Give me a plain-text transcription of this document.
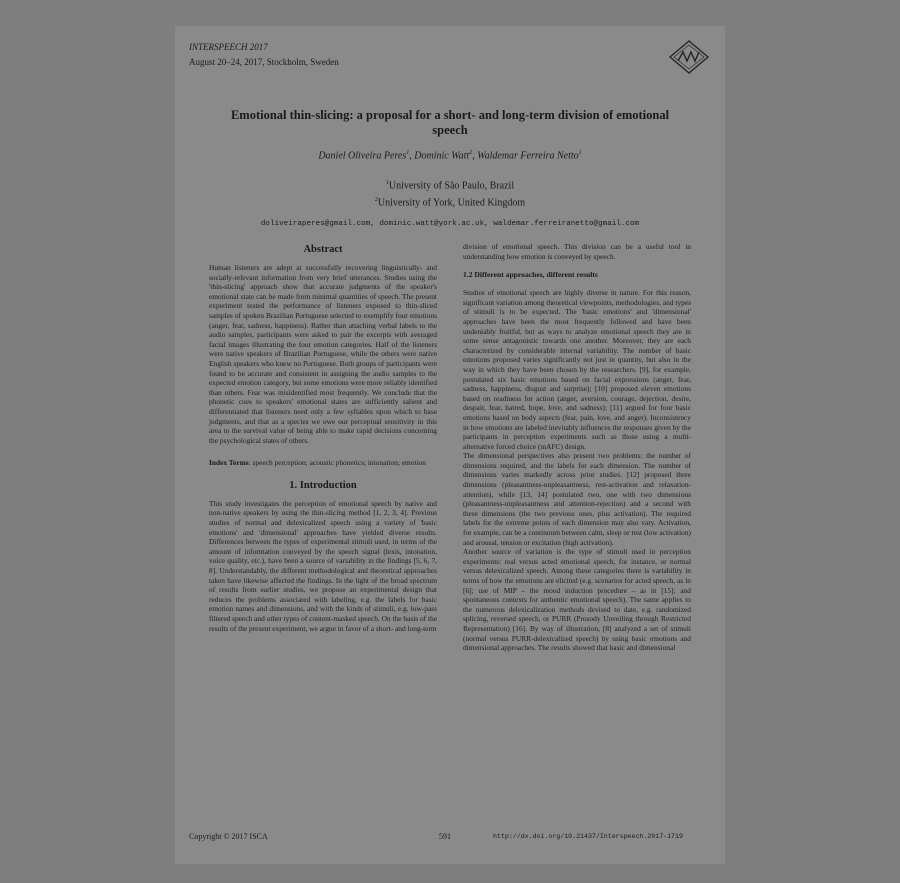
INTERSPEECH 2017
August 20–24, 2017, Stockholm, Sweden
Emotional thin-slicing: a proposal for a short- and long-term division of emotional speech
Daniel Oliveira Peres$^1$, Dominic Watt$^2$, Waldemar Ferreira Netto$^1$
$^1$University of São Paulo, Brazil
$^2$University of York, United Kingdom
doliveiraperes@gmail.com, dominic.watt@york.ac.uk, waldemar.ferreiranetto@gmail.com
Abstract
Human listeners are adept at successfully recovering linguistically- and socially-relevant information from very brief utterances. Studies using the 'thin-slicing' approach show that accurate judgments of the speaker's emotional state can be made from minimal quantities of speech. The present experiment tested the performance of listeners exposed to thin-sliced samples of spoken Brazilian Portuguese selected to exemplify four emotions (anger, fear, sadness, happiness). Rather than attaching verbal labels to the audio samples, participants were asked to pair the excerpts with averaged facial images illustrating the four emotion categories. Half of the listeners were native speakers of Brazilian Portuguese, while the others were native English speakers who knew no Portuguese. Both groups of participants were found to be accurate and consistent in assigning the audio samples to the expected emotion category, but some emotions were more reliably identified than others. Fear was misidentified most frequently. We conclude that the phonetic cues to speakers' emotional states are sufficiently salient and differentiated that listeners need only a few syllables upon which to base judgments, and that as a species we owe our perceptual sensitivity in this area to the survival value of being able to make rapid decisions concerning the psychological states of others.
Index Terms: speech perception; acoustic phonetics; intonation; emotion
1. Introduction
This study investigates the perception of emotional speech by native and non-native speakers by using the thin-slicing method [1, 2, 3, 4]. Previous studies of normal and delexicalized speech using a variety of 'basic emotions' and 'dimensional' approaches have yielded diverse results. Differences between the types of experimental stimuli used, in terms of the amount of information conveyed by the speech signal (lexis, intonation, voice quality, etc.), have been a source of variability in the findings [5, 6, 7, 8]. Understandably, the different methodological and theoretical approaches taken have likewise affected the findings. In the light of the broad spectrum of results from earlier studies, we propose an experimental design that reduces the problems associated with labeling, e.g. the labels for basic emotion names and dimensions, and with the kinds of stimuli, e.g. low-pass filtered speech and other types of content-masked speech. On the basis of the results of the present experiment, we argue in favor of a short- and long-term
division of emotional speech. This division can be a useful tool in understanding how emotion is conveyed by speech.
1.2 Different approaches, different results
Studies of emotional speech are highly diverse in nature. For this reason, significant variation among theoretical viewpoints, methodologies, and types of stimuli is to be expected. The 'basic emotions' and 'dimensional' approaches have been the most frequently followed and have been undeniably fruitful, but as ways to analyze emotional speech they are in some sense antagonistic towards one another. Moreover, they are each characterized by considerable internal variability. The number of basic emotions proposed varies significantly not just in quantity, but also in the way in which they have been chosen by the researchers. [9], for example, postulated six basic emotions based on facial expressions (anger, fear, sadness, happiness, disgust and surprise); [10] proposed eleven emotions based on readiness for action (anger, aversion, courage, dejection, desire, despair, fear, hatred, hope, love, and sadness); [11] argued for four basic emotions based on body aspects (fear, pain, love, and anger). Inconsistency in how emotions are labeled inevitably influences the responses given by the participants in perception experiments such as those using a multi-alternative forced choice (mAFC) design.
The dimensional perspectives also present two problems: the number of dimensions required, and the labels for each dimension. The number of dimensions varies markedly across prior studies. [12] proposed three dimensions (pleasantness-unpleasantness, rest-activation and relaxation-attention), while [13, 14] postulated two, one with two dimensions (pleasantness-unpleasantness and attention-rejection) and a second with three dimensions (the two previous ones, plus activation). The required labels for the extreme points of each dimension may also vary. Activation, for example, can be a continuum between calm, sleep or rest (low activation) and arousal, tension or excitation (high activation).
Another source of variation is the type of stimuli used in perception experiments: real versus acted emotional speech, for instance, or normal versus delexicalized speech. Among these categories there is variability in terms of how the emotions are elicited (e.g. scenarios for acted speech, as in [6]; use of MIP – the mood induction procedure – as in [15]; and spontaneous contexts for authentic emotional speech). The same applies to the numerous delexicalization methods devised to date, e.g. randomized splicing, reversed speech, or PURR (Prosody Unveiling through Restricted Representation) [16]. By way of illustration, [8] analyzed a set of stimuli (normal versus PURR-delexicalized speech) by using basic emotions and dimensional approaches. The results showed that basic and dimensional
Copyright © 2017 ISCA	591	http://dx.doi.org/10.21437/Interspeech.2017-1719
